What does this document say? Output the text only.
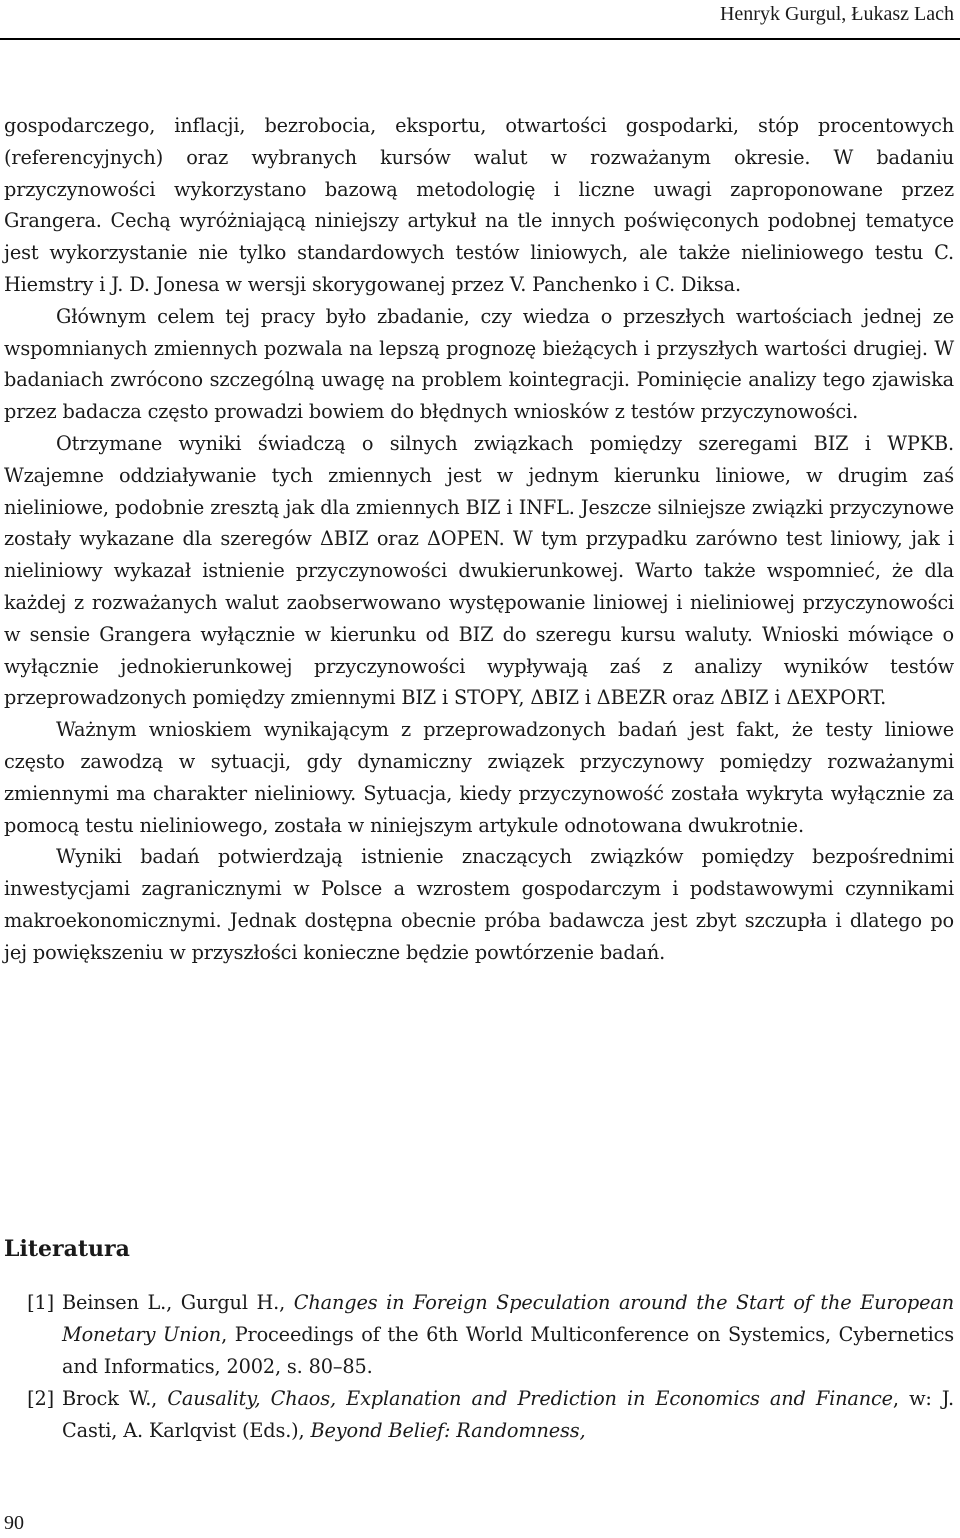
Henryk Gurgul, Łukasz Lach

gospodarczego, inflacji, bezrobocia, eksportu, otwartości gospodarki, stóp procentowych (referencyjnych) oraz wybranych kursów walut w rozważanym okresie. W badaniu przyczynowości wykorzystano bazową metodologię i liczne uwagi zaproponowane przez Grangera. Cechą wyróżniającą niniejszy artykuł na tle innych poświęconych podobnej tematyce jest wykorzystanie nie tylko standardowych testów liniowych, ale także nieliniowego testu C. Hiemstry i J. D. Jonesa w wersji skorygowanej przez V. Panchenko i C. Diksa.

Głównym celem tej pracy było zbadanie, czy wiedza o przeszłych wartościach jednej ze wspomnianych zmiennych pozwala na lepszą prognozę bieżących i przyszłych wartości drugiej. W badaniach zwrócono szczególną uwagę na problem kointegracji. Pominięcie analizy tego zjawiska przez badacza często prowadzi bowiem do błędnych wniosków z testów przyczynowości.

Otrzymane wyniki świadczą o silnych związkach pomiędzy szeregami BIZ i WPKB. Wzajemne oddziaływanie tych zmiennych jest w jednym kierunku liniowe, w drugim zaś nieliniowe, podobnie zresztą jak dla zmiennych BIZ i INFL. Jeszcze silniejsze związki przyczynowe zostały wykazane dla szeregów ΔBIZ oraz ΔOPEN. W tym przypadku zarówno test liniowy, jak i nieliniowy wykazał istnienie przyczynowości dwukierunkowej. Warto także wspomnieć, że dla każdej z rozważanych walut zaobserwowano występowanie liniowej i nieliniowej przyczynowości w sensie Grangera wyłącznie w kierunku od BIZ do szeregu kursu waluty. Wnioski mówiące o wyłącznie jednokierunkowej przyczynowości wypływają zaś z analizy wyników testów przeprowadzonych pomiędzy zmiennymi BIZ i STOPY, ΔBIZ i ΔBEZR oraz ΔBIZ i ΔEXPORT.

Ważnym wnioskiem wynikającym z przeprowadzonych badań jest fakt, że testy liniowe często zawodzą w sytuacji, gdy dynamiczny związek przyczynowy pomiędzy rozważanymi zmiennymi ma charakter nieliniowy. Sytuacja, kiedy przyczynowość została wykryta wyłącznie za pomocą testu nieliniowego, została w niniejszym artykule odnotowana dwukrotnie.

Wyniki badań potwierdzają istnienie znaczących związków pomiędzy bezpośrednimi inwestycjami zagranicznymi w Polsce a wzrostem gospodarczym i podstawowymi czynnikami makroekonomicznymi. Jednak dostępna obecnie próba badawcza jest zbyt szczupła i dlatego po jej powiększeniu w przyszłości konieczne będzie powtórzenie badań.

Literatura
[1] Beinsen L., Gurgul H., Changes in Foreign Speculation around the Start of the European Monetary Union, Proceedings of the 6th World Multiconference on Systemics, Cybernetics and Informatics, 2002, s. 80–85.
[2] Brock W., Causality, Chaos, Explanation and Prediction in Economics and Finance, w: J. Casti, A. Karlqvist (Eds.), Beyond Belief: Randomness,
90
